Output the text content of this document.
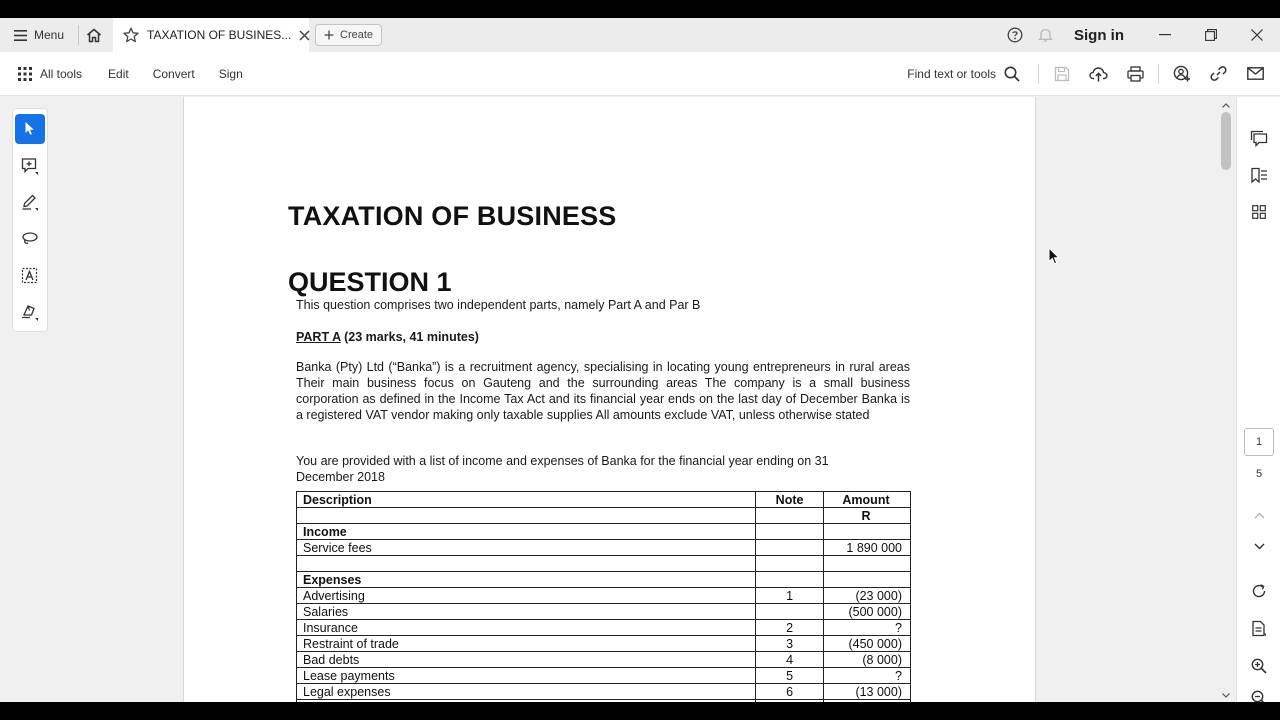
Menu	TAXATION OF BUSINES...	Create	Sign in
All tools	Edit	Convert	Sign	Find text or tools
TAXATION OF BUSINESS
QUESTION 1
This question comprises two independent parts, namely Part A and Par B
PART A (23 marks, 41 minutes)
Banka (Pty) Ltd (“Banka”) is a recruitment agency, specialising in locating young entrepreneurs in rural areas Their main business focus on Gauteng and the surrounding areas The company is a small business corporation as defined in the Income Tax Act and its financial year ends on the last day of December Banka is a registered VAT vendor making only taxable supplies All amounts exclude VAT, unless otherwise stated
You are provided with a list of income and expenses of Banka for the financial year ending on 31 December 2018
Description	Note	Amount
		R
Income		
Service fees		1 890 000

Expenses		
Advertising	1	(23 000)
Salaries		(500 000)
Insurance	2	?
Restraint of trade	3	(450 000)
Bad debts	4	(8 000)
Lease payments	5	?
Legal expenses	6	(13 000)

1
5
